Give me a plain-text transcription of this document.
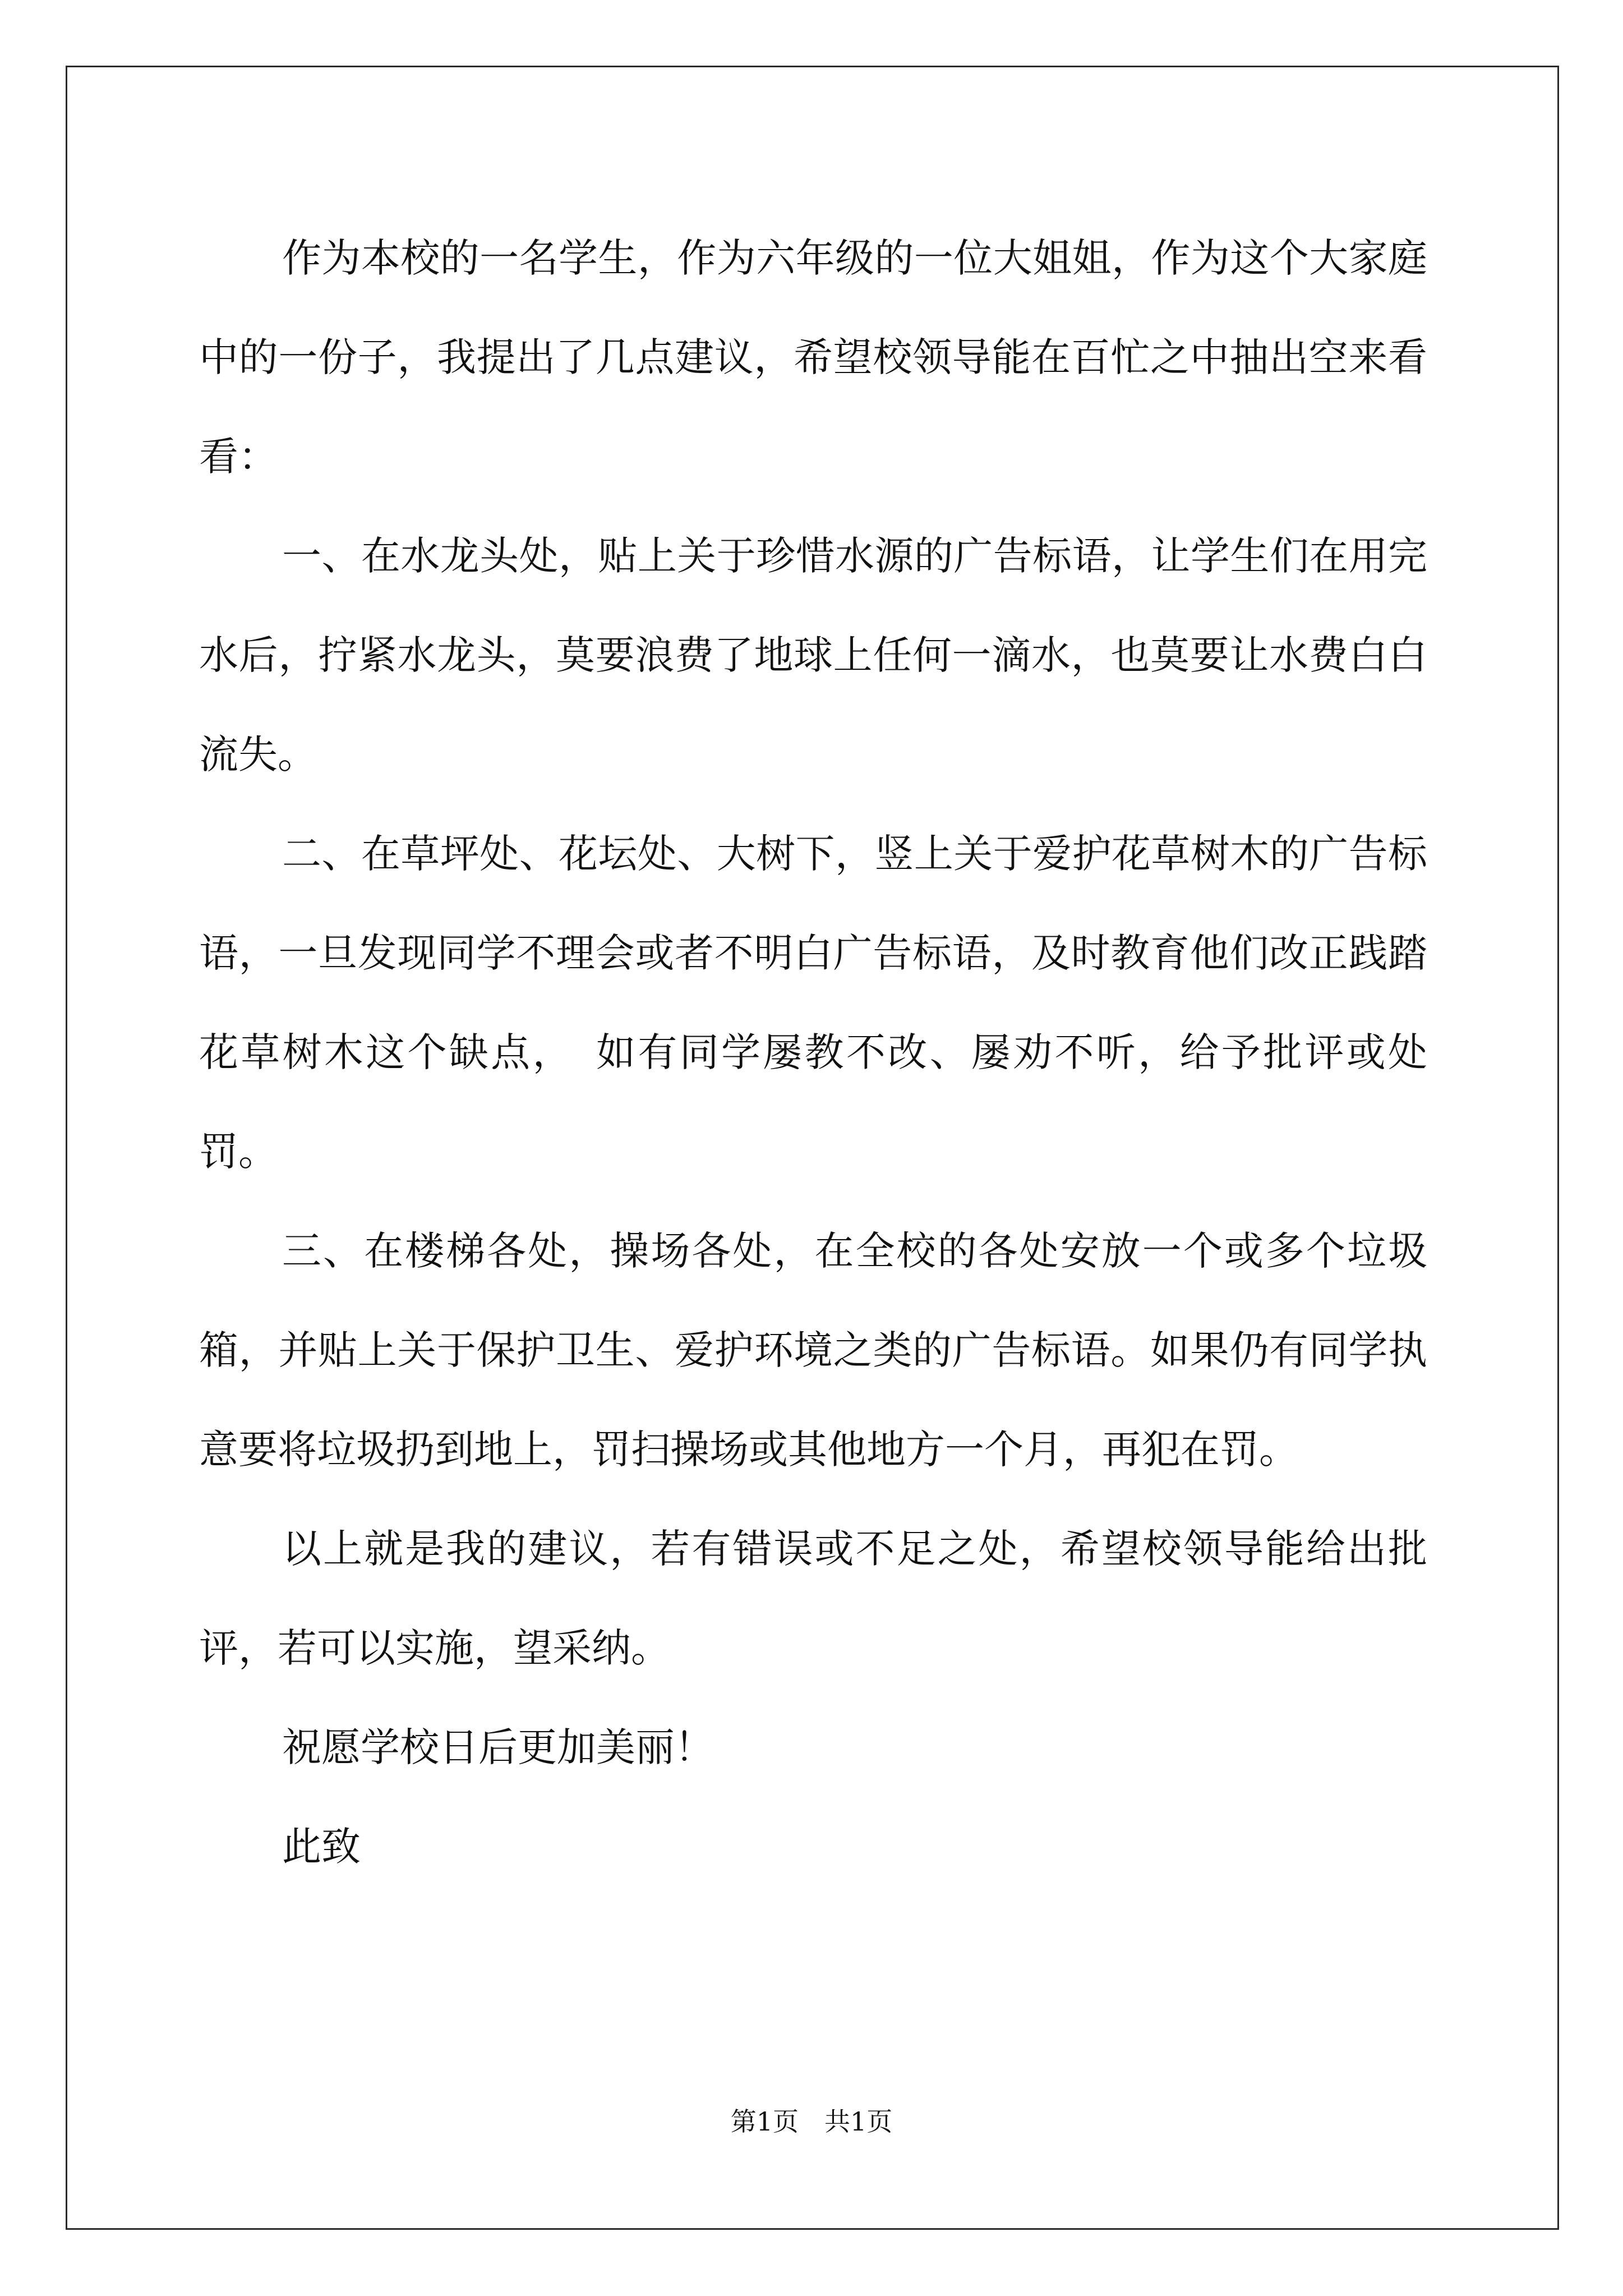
作为本校的一名学生，作为六年级的一位大姐姐，作为这个大家庭中的一份子，我提出了几点建议，希望校领导能在百忙之中抽出空来看看：

一、在水龙头处，贴上关于珍惜水源的广告标语，让学生们在用完水后，拧紧水龙头，莫要浪费了地球上任何一滴水，也莫要让水费白白流失。

二、在草坪处、花坛处、大树下，竖上关于爱护花草树木的广告标语，一旦发现同学不理会或者不明白广告标语，及时教育他们改正践踏花草树木这个缺点，　如有同学屡教不改、屡劝不听，给予批评或处罚。

三、在楼梯各处，操场各处，在全校的各处安放一个或多个垃圾箱，并贴上关于保护卫生、爱护环境之类的广告标语。如果仍有同学执意要将垃圾扔到地上，罚扫操场或其他地方一个月，再犯在罚。

以上就是我的建议，若有错误或不足之处，希望校领导能给出批评，若可以实施，望采纳。

祝愿学校日后更加美丽！

此致

第1页　共1页
